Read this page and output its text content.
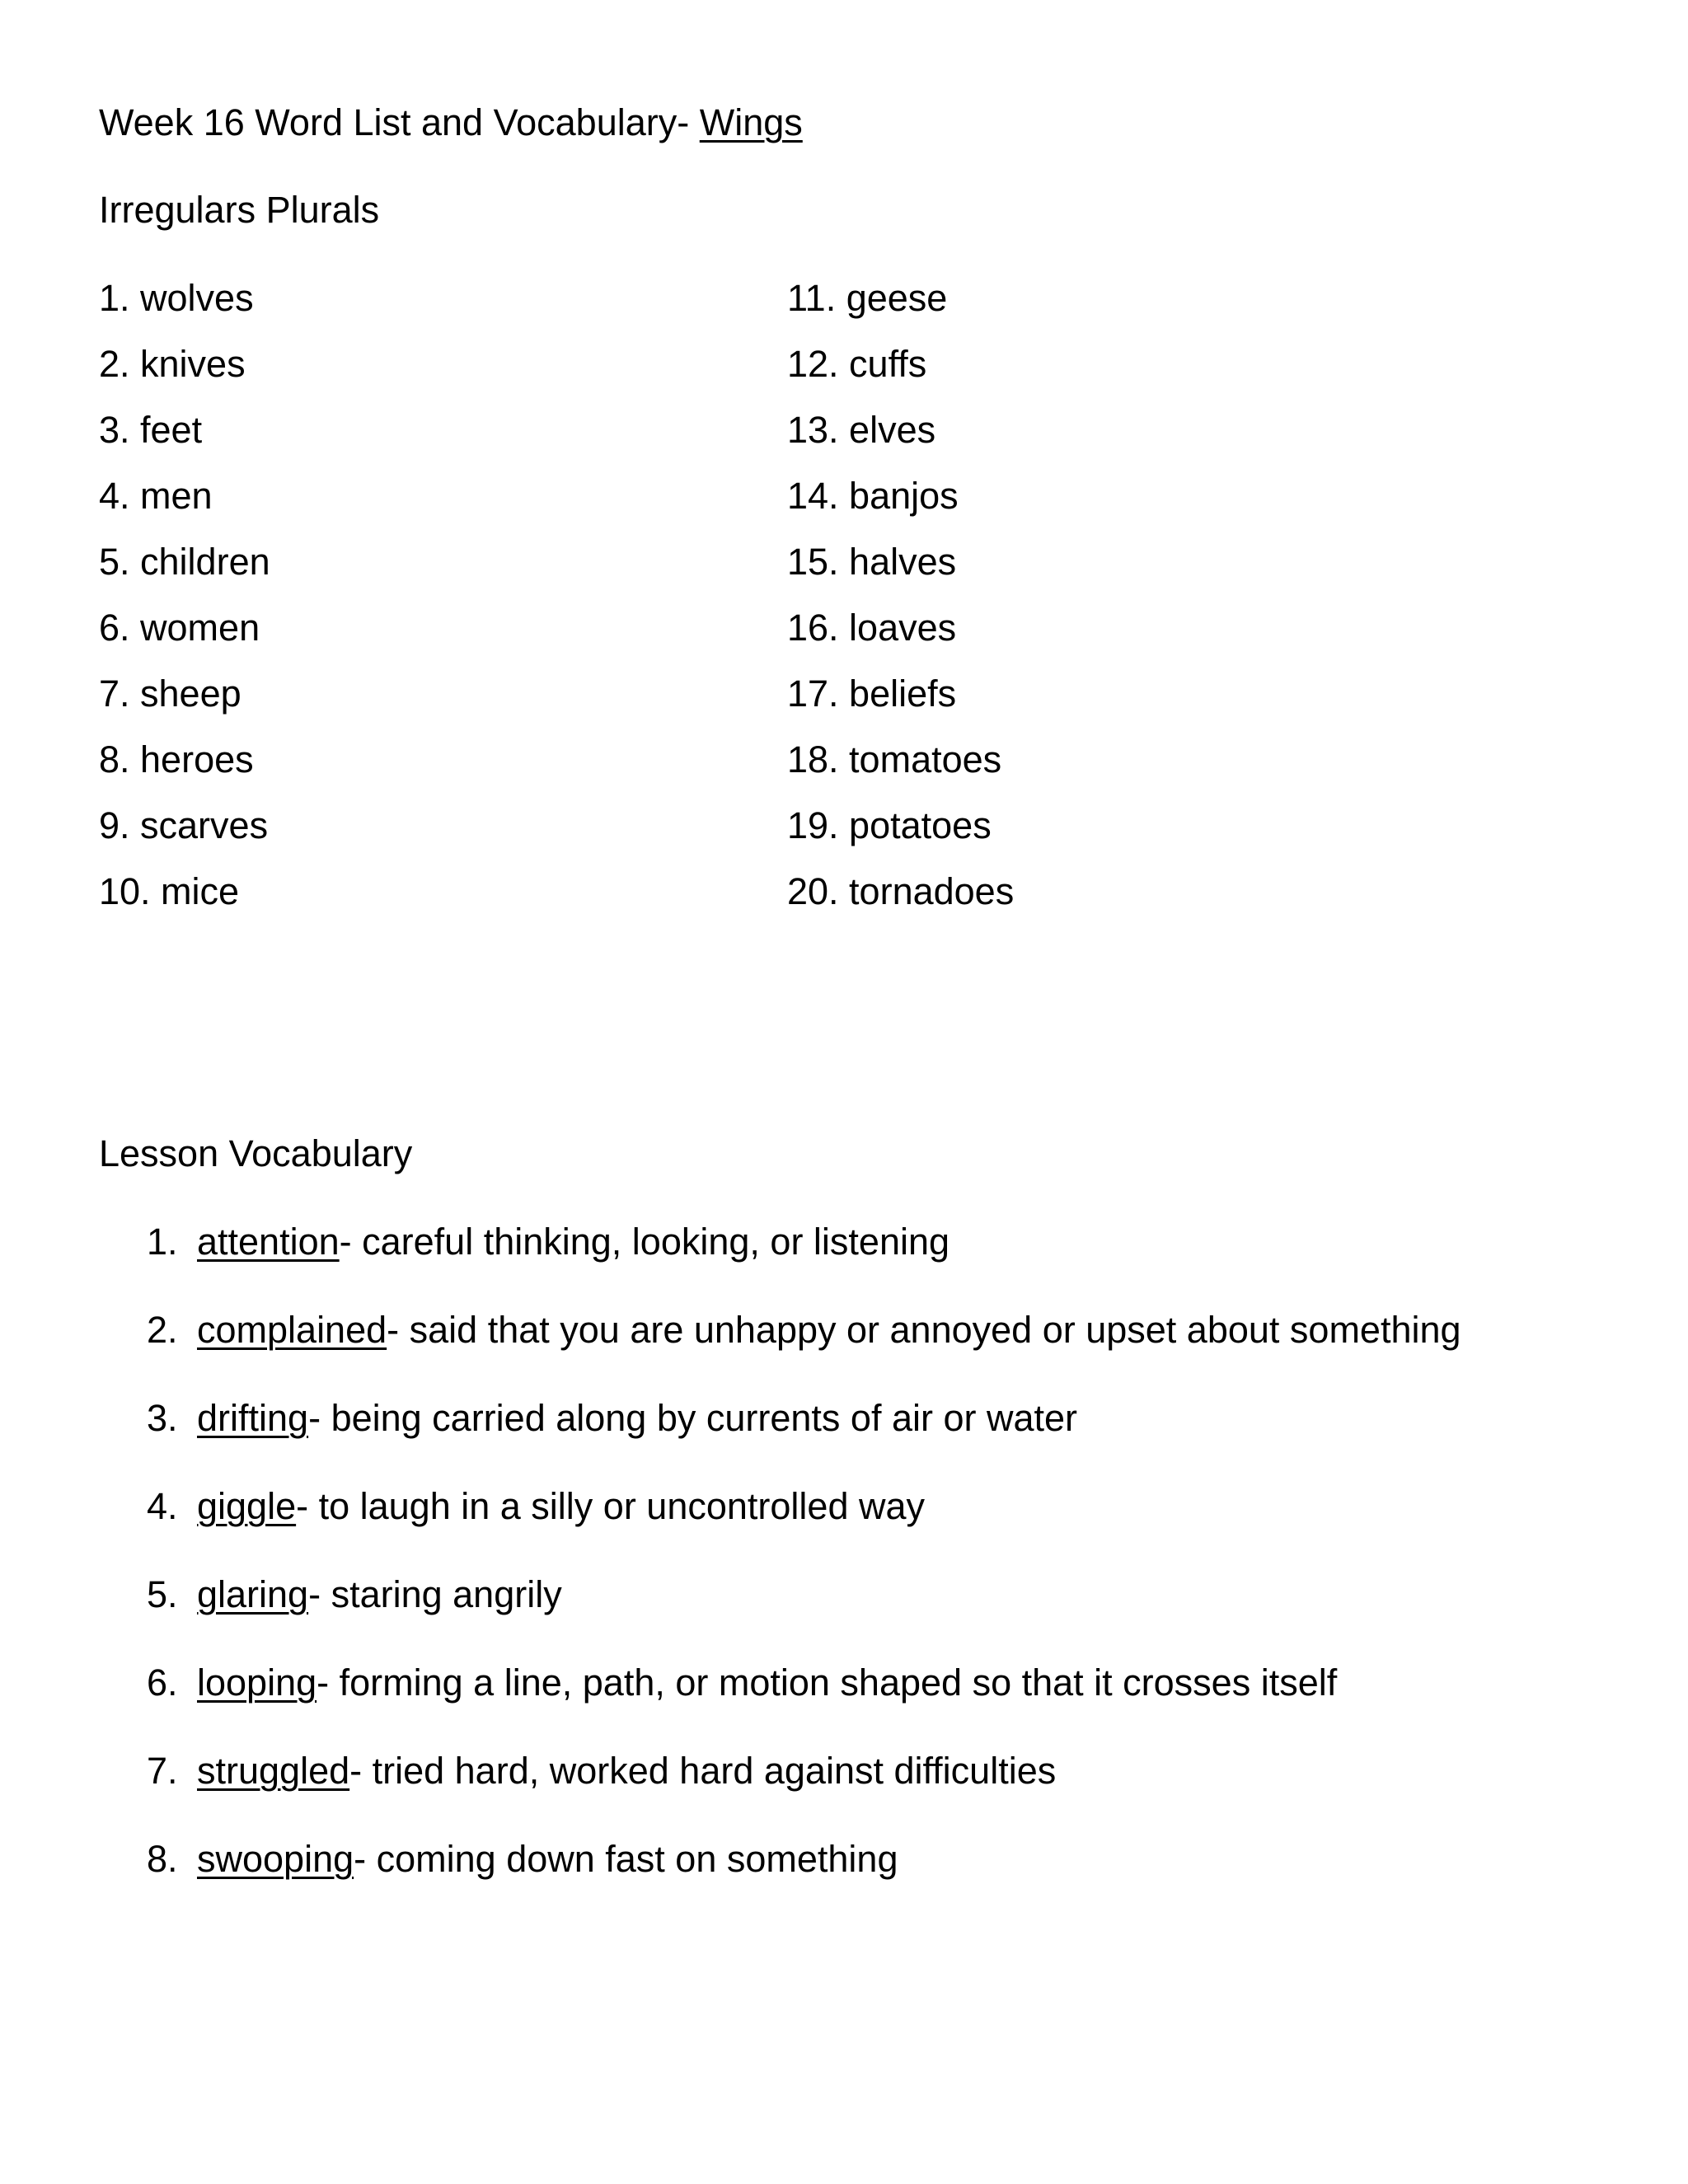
Week 16 Word List and Vocabulary- Wings
Irregulars Plurals
1. wolves
2. knives
3. feet
4. men
5. children
6. women
7. sheep
8. heroes
9. scarves
10. mice
11. geese
12. cuffs
13. elves
14. banjos
15. halves
16. loaves
17. beliefs
18. tomatoes
19. potatoes
20. tornadoes
Lesson Vocabulary
1. attention- careful thinking, looking, or listening
2. complained- said that you are unhappy or annoyed or upset about something
3. drifting- being carried along by currents of air or water
4. giggle- to laugh in a silly or uncontrolled way
5. glaring- staring angrily
6. looping- forming a line, path, or motion shaped so that it crosses itself
7. struggled- tried hard, worked hard against difficulties
8. swooping- coming down fast on something
